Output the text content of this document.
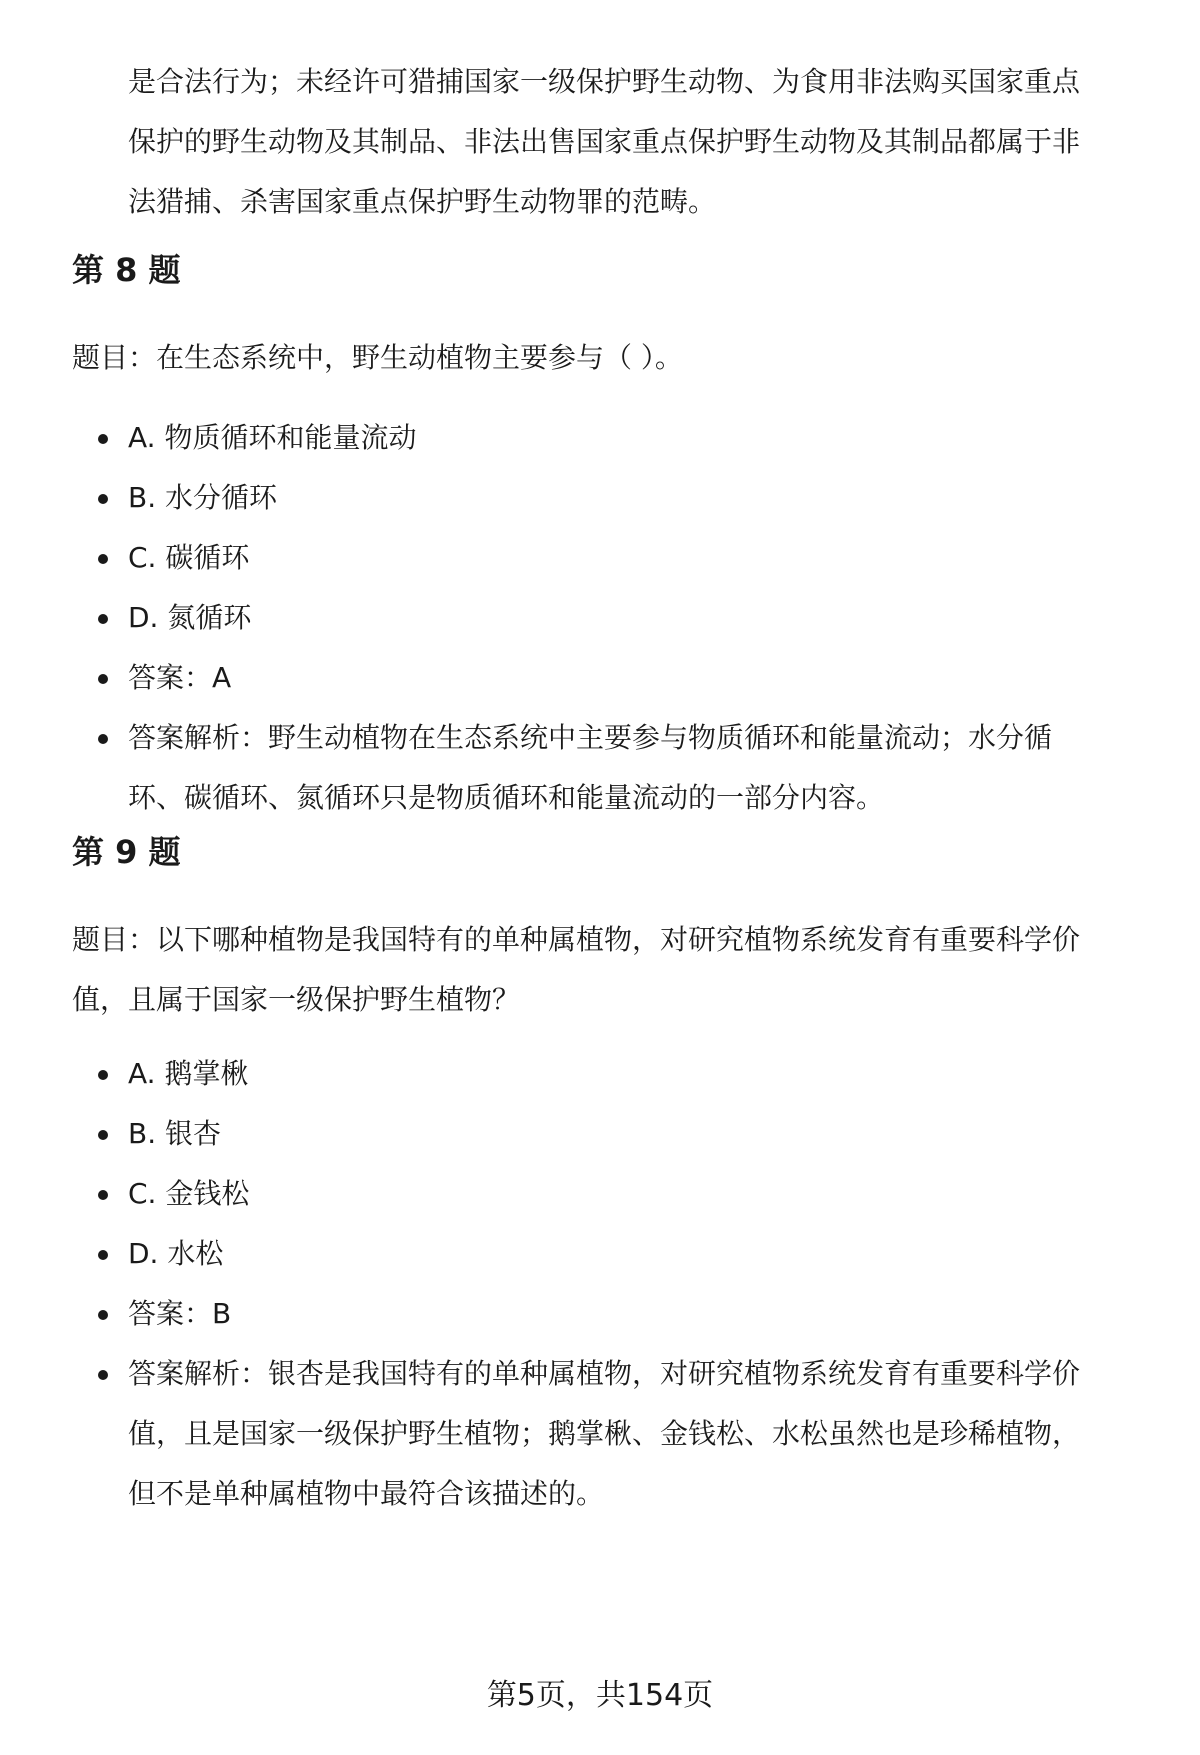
是合法行为；未经许可猎捕国家一级保护野生动物、为食用非法购买国家重点
保护的野生动物及其制品、非法出售国家重点保护野生动物及其制品都属于非
法猎捕、杀害国家重点保护野生动物罪的范畴。
第 8 题
题目：在生态系统中，野生动植物主要参与（ ）。
A. 物质循环和能量流动
B. 水分循环
C. 碳循环
D. 氮循环
答案：A
答案解析：野生动植物在生态系统中主要参与物质循环和能量流动；水分循
环、碳循环、氮循环只是物质循环和能量流动的一部分内容。
第 9 题
题目：以下哪种植物是我国特有的单种属植物，对研究植物系统发育有重要科学价
值，且属于国家一级保护野生植物？
A. 鹅掌楸
B. 银杏
C. 金钱松
D. 水松
答案：B
答案解析：银杏是我国特有的单种属植物，对研究植物系统发育有重要科学价
值，且是国家一级保护野生植物；鹅掌楸、金钱松、水松虽然也是珍稀植物，
但不是单种属植物中最符合该描述的。
第5页，共154页
